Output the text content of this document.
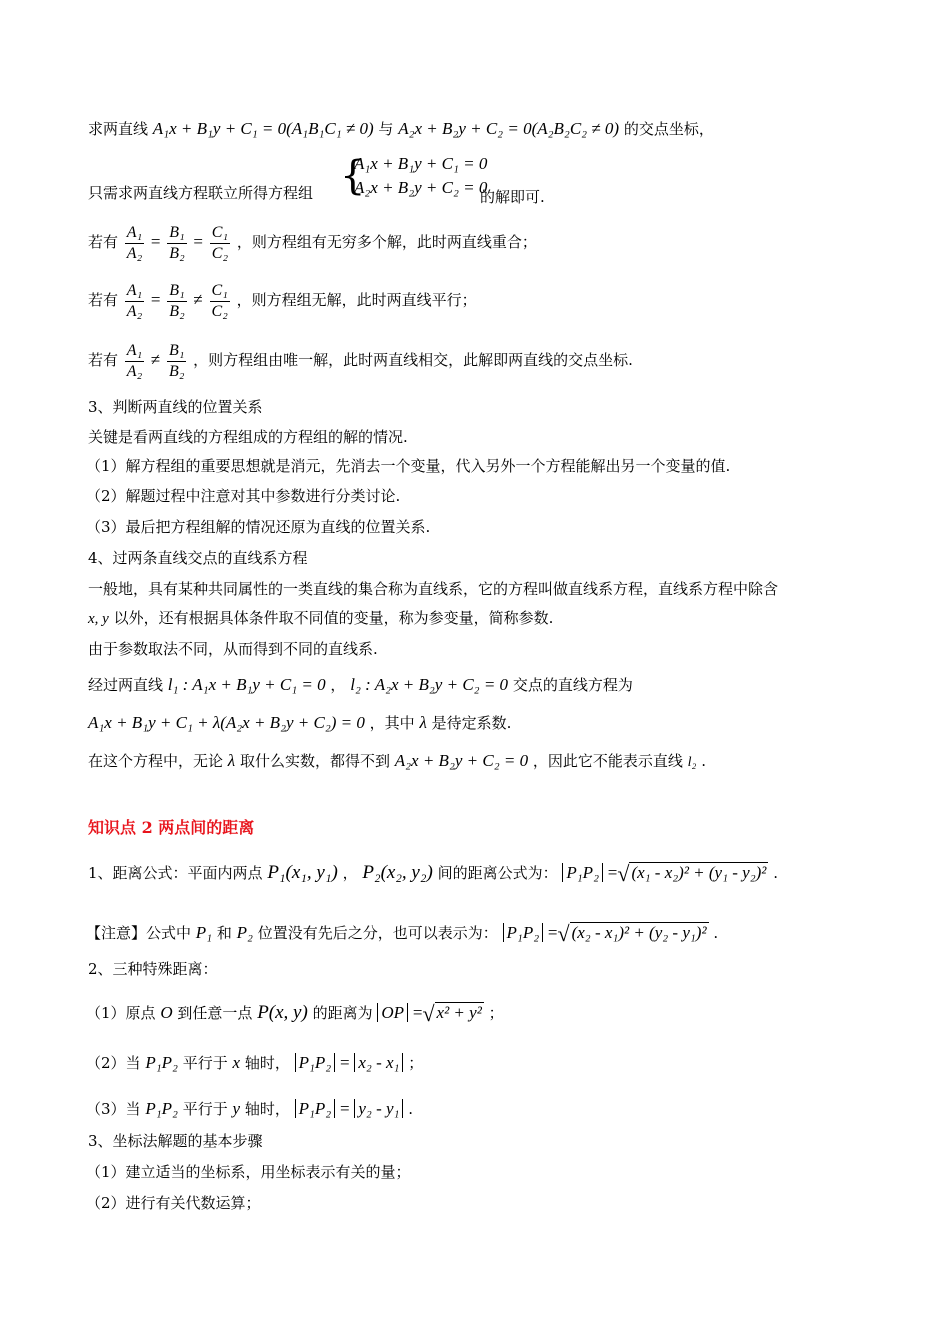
求两直线 A₁x + B₁y + C₁ = 0(A₁B₁C₁ ≠ 0) 与 A₂x + B₂y + C₂ = 0(A₂B₂C₂ ≠ 0) 的交点坐标，
只需求两直线方程联立所得方程组 {
A₁x + B₁y + C₁ = 0
A₂x + B₂y + C₂ = 0
的解即可.
若有 $\frac{\text{A₁}}{\text{A₂}} = \frac{\text{B₁}}{\text{B₂}} = \frac{\text{C₁}}{\text{C₂}}$ ，则方程组有无穷多个解，此时两直线重合；
若有 $\frac{\text{A₁}}{\text{A₂}} = \frac{\text{B₁}}{\text{B₂}} \ne \frac{\text{C₁}}{\text{C₂}}$ ，则方程组无解，此时两直线平行；
若有 $\frac{\text{A₁}}{\text{A₂}} \ne \frac{\text{B₁}}{\text{B₂}}$ ，则方程组由唯一解，此时两直线相交，此解即两直线的交点坐标.
3、判断两直线的位置关系
关键是看两直线的方程组成的方程组的解的情况.
（1）解方程组的重要思想就是消元，先消去一个变量，代入另外一个方程能解出另一个变量的值.
（2）解题过程中注意对其中参数进行分类讨论.
（3）最后把方程组解的情况还原为直线的位置关系.
4、过两条直线交点的直线系方程
一般地，具有某种共同属性的一类直线的集合称为直线系，它的方程叫做直线系方程，直线系方程中除含
x, y 以外，还有根据具体条件取不同值的变量，称为参变量，简称参数.
由于参数取法不同，从而得到不同的直线系.
经过两直线 l₁ : A₁x + B₁y + C₁ = 0 ， l₂ : A₂x + B₂y + C₂ = 0 交点的直线方程为
A₁x + B₁y + C₁ + λ(A₂x + B₂y + C₂) = 0 ，其中 λ 是待定系数.
在这个方程中，无论 λ 取什么实数，都得不到 A₂x + B₂y + C₂ = 0 ，因此它不能表示直线 l₂ .
知识点 2 两点间的距离
1、距离公式：平面内两点 P₁(x₁, y₁) ， P₂(x₂, y₂) 间的距离公式为： P₁P₂ =√ (x₁ - x₂)² + (y₁ - y₂)² .
【注意】公式中 P₁ 和 P₂ 位置没有先后之分，也可以表示为： P₁P₂ =√ (x₂ - x₁)² + (y₂ - y₁)² .
2、三种特殊距离：
（1）原点 O 到任意一点 P(x, y) 的距离为 OP =√ x² + y² ；
（2）当 P₁P₂ 平行于 x 轴时， P₁P₂ = x₂ - x₁ ；
（3）当 P₁P₂ 平行于 y 轴时， P₁P₂ = y₂ - y₁ .
3、坐标法解题的基本步骤
（1）建立适当的坐标系，用坐标表示有关的量；
（2）进行有关代数运算；
